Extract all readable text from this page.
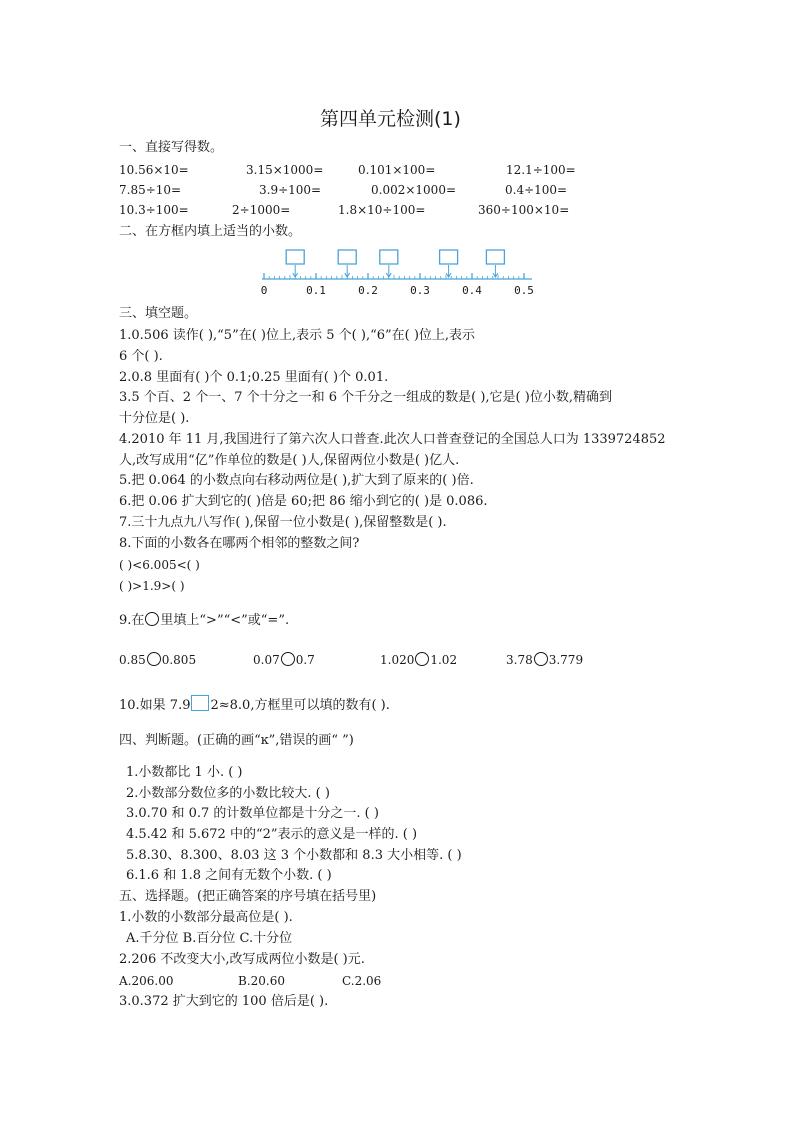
第四单元检测(1)
一、直接写得数。
10.56×10=	3.15×1000=	0.101×100=	12.1÷100=
7.85÷10=	3.9÷100=	0.002×1000=	0.4÷100=
10.3÷100=	2÷1000=	1.8×10÷100=	360÷100×10=
二、在方框内填上适当的小数。
0	0.1	0.2	0.3	0.4	0.5
三、填空题。
1.0.506 读作( ),“5”在( )位上,表示 5 个( ),“6”在( )位上,表示
6 个( ).
2.0.8 里面有( )个 0.1;0.25 里面有( )个 0.01.
3.5 个百、2 个一、7 个十分之一和 6 个千分之一组成的数是( ),它是( )位小数,精确到
十分位是( ).
4.2010 年 11 月,我国进行了第六次人口普查.此次人口普查登记的全国总人口为 1339724852
人,改写成用“亿”作单位的数是( )人,保留两位小数是( )亿人.
5.把 0.064 的小数点向右移动两位是( ),扩大到了原来的( )倍.
6.把 0.06 扩大到它的( )倍是 60;把 86 缩小到它的( )是 0.086.
7.三十九点九八写作( ),保留一位小数是( ),保留整数是( ).
8.下面的小数各在哪两个相邻的整数之间?
( )<6.005<( )
( )>1.9>( )
9.在 里填上“>”“<”或“=”.
0.85 0.805	0.07 0.7	1.020 1.02	3.78 3.779
10.如果 7.9 2≈8.0,方框里可以填的数有( ).
四、判断题。(正确的画“ĸ”,错误的画“ ”)
1.小数都比 1 小. ( )
2.小数部分数位多的小数比较大. ( )
3.0.70 和 0.7 的计数单位都是十分之一. ( )
4.5.42 和 5.672 中的“2”表示的意义是一样的. ( )
5.8.30、8.300、8.03 这 3 个小数都和 8.3 大小相等. ( )
6.1.6 和 1.8 之间有无数个小数. ( )
五、选择题。(把正确答案的序号填在括号里)
1.小数的小数部分最高位是( ).
A.千分位 B.百分位 C.十分位
2.206 不改变大小,改写成两位小数是( )元.
A.206.00	B.20.60	C.2.06
3.0.372 扩大到它的 100 倍后是( ).
